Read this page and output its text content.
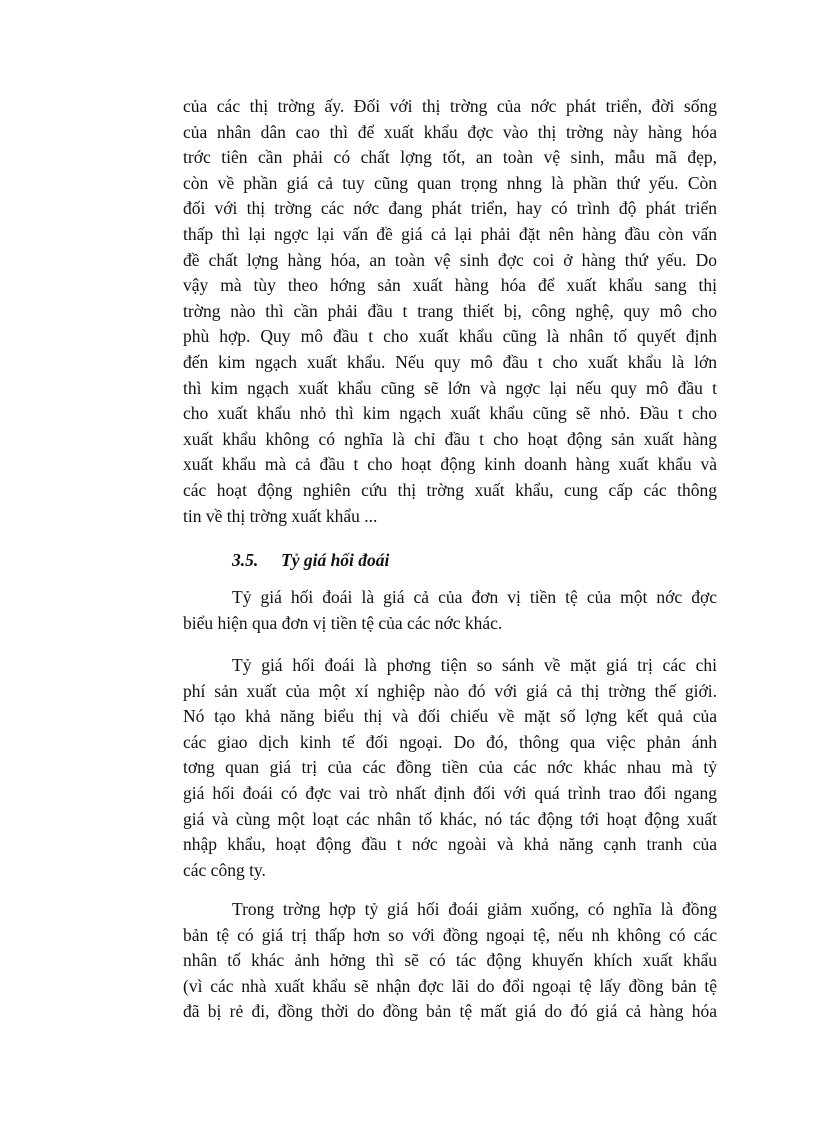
của các thị trờng ấy. Đối với thị trờng của nớc phát triển, đời sống
của nhân dân cao thì để xuất khẩu đợc vào thị trờng này hàng hóa
trớc tiên cần phải có chất lợng tốt, an toàn vệ sinh, mẫu mã đẹp,
còn về phần giá cả tuy cũng quan trọng nhng là phần thứ yếu. Còn
đối với thị trờng các nớc đang phát triển, hay có trình độ phát triển
thấp thì lại ngợc lại vấn đề giá cả lại phải đặt nên hàng đầu còn vấn
đề chất lợng hàng hóa, an toàn vệ sinh đợc coi ở hàng thứ yếu. Do
vậy mà tùy theo hớng sản xuất hàng hóa để xuất khẩu sang thị
trờng nào thì cần phải đầu t trang thiết bị, công nghệ, quy mô cho
phù hợp. Quy mô đầu t cho xuất khẩu cũng là nhân tố quyết định
đến kim ngạch xuất khẩu. Nếu quy mô đầu t cho xuất khẩu là lớn
thì kim ngạch xuất khẩu cũng sẽ lớn và ngợc lại nếu quy mô đầu t
cho xuất khẩu nhỏ thì kim ngạch xuất khẩu cũng sẽ nhỏ. Đầu t cho
xuất khẩu không có nghĩa là chỉ đầu t cho hoạt động sản xuất hàng
xuất khẩu mà cả đầu t cho hoạt động kinh doanh hàng xuất khẩu và
các hoạt động nghiên cứu thị trờng xuất khẩu, cung cấp các thông
tin về thị trờng xuất khẩu ...
3.5. Tỷ giá hối đoái
Tỷ giá hối đoái là giá cả của đơn vị tiền tệ của một nớc đợc
biểu hiện qua đơn vị tiền tệ của các nớc khác.
Tỷ giá hối đoái là phơng tiện so sánh về mặt giá trị các chi
phí sản xuất của một xí nghiệp nào đó với giá cả thị trờng thế giới.
Nó tạo khả năng biểu thị và đối chiếu về mặt số lợng kết quả của
các giao dịch kinh tế đối ngoại. Do đó, thông qua việc phản ánh
tơng quan giá trị của các đồng tiền của các nớc khác nhau mà tỷ
giá hối đoái có đợc vai trò nhất định đối với quá trình trao đổi ngang
giá và cùng một loạt các nhân tố khác, nó tác động tới hoạt động xuất
nhập khẩu, hoạt động đầu t nớc ngoài và khả năng cạnh tranh của
các công ty.
Trong trờng hợp tỷ giá hối đoái giảm xuống, có nghĩa là đồng
bản tệ có giá trị thấp hơn so với đồng ngoại tệ, nếu nh không có các
nhân tố khác ảnh hởng thì sẽ có tác động khuyến khích xuất khẩu
(vì các nhà xuất khẩu sẽ nhận đợc lãi do đổi ngoại tệ lấy đồng bản tệ
đã bị rẻ đi, đồng thời do đồng bản tệ mất giá do đó giá cả hàng hóa
